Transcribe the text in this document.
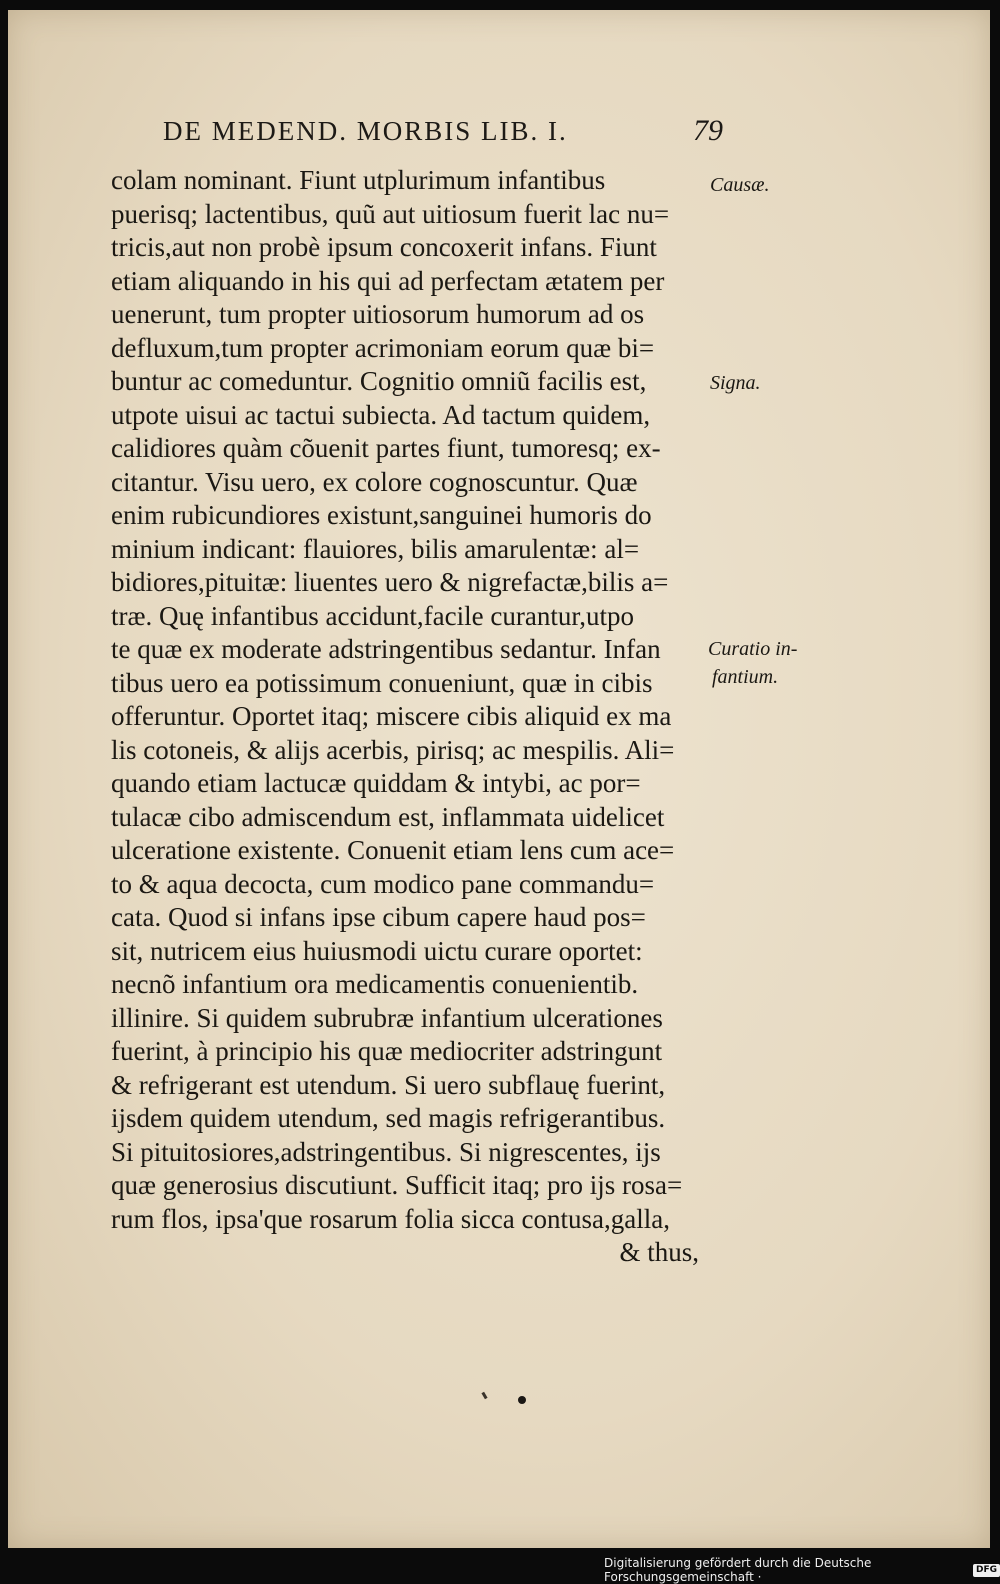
DE MEDEND. MORBIS LIB. I.	79
colam nominant. Fiunt utplurimum infantibus
puerisq; lactentibus, quũ aut uitiosum fuerit lac nu=
tricis,aut non probè ipsum concoxerit infans. Fiunt
etiam aliquando in his qui ad perfectam ætatem per
uenerunt, tum propter uitiosorum humorum ad os
defluxum,tum propter acrimoniam eorum quæ bi=
buntur ac comeduntur. Cognitio omniũ facilis est,
utpote uisui ac tactui subiecta. Ad tactum quidem,
calidiores quàm cõuenit partes fiunt, tumoresq; ex-
citantur. Visu uero, ex colore cognoscuntur. Quæ
enim rubicundiores existunt,sanguinei humoris do
minium indicant: flauiores, bilis amarulentæ: al=
bidiores,pituitæ: liuentes uero & nigrefactæ,bilis a=
træ. Quę infantibus accidunt,facile curantur,utpo
te quæ ex moderate adstringentibus sedantur. Infan
tibus uero ea potissimum conueniunt, quæ in cibis
offeruntur. Oportet itaq; miscere cibis aliquid ex ma
lis cotoneis, & alijs acerbis, pirisq; ac mespilis. Ali=
quando etiam lactucæ quiddam & intybi, ac por=
tulacæ cibo admiscendum est, inflammata uidelicet
ulceratione existente. Conuenit etiam lens cum ace=
to & aqua decocta, cum modico pane commandu=
cata. Quod si infans ipse cibum capere haud pos=
sit, nutricem eius huiusmodi uictu curare oportet:
necnõ infantium ora medicamentis conuenientib.
illinire. Si quidem subrubræ infantium ulcerationes
fuerint, à principio his quæ mediocriter adstringunt
& refrigerant est utendum. Si uero subflauę fuerint,
ijsdem quidem utendum, sed magis refrigerantibus.
Si pituitosiores,adstringentibus. Si nigrescentes, ijs
quæ generosius discutiunt. Sufficit itaq; pro ijs rosa=
rum flos, ipsa'que rosarum folia sicca contusa,galla,
& thus,
Causæ.
Signa.
Curatio in-
fantium.
Digitalisierung gefördert durch die Deutsche Forschungsgemeinschaft ·
DFG
